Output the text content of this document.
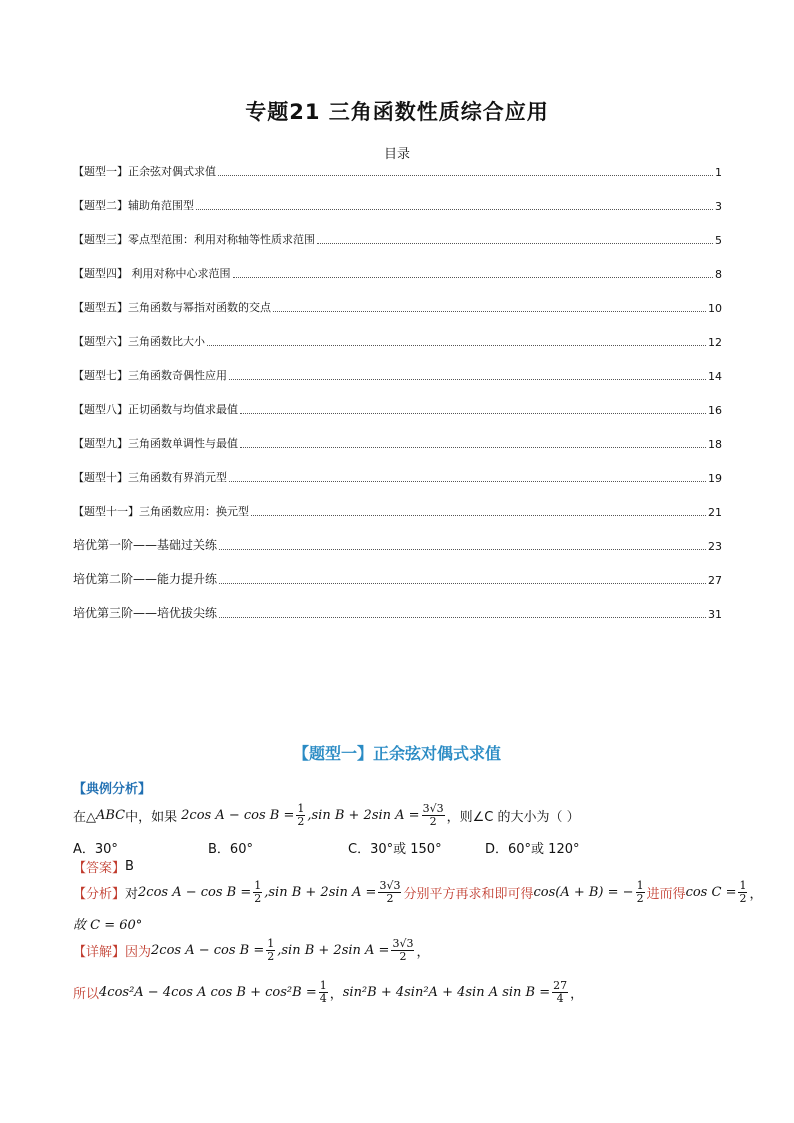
专题21 三角函数性质综合应用
目录
【题型一】正余弦对偶式求值	1
【题型二】辅助角范围型	3
【题型三】零点型范围：利用对称轴等性质求范围	5
【题型四】 利用对称中心求范围	8
【题型五】三角函数与幂指对函数的交点	10
【题型六】三角函数比大小	12
【题型七】三角函数奇偶性应用	14
【题型八】正切函数与均值求最值	16
【题型九】三角函数单调性与最值	18
【题型十】三角函数有界消元型	19
【题型十一】三角函数应用：换元型	21
培优第一阶——基础过关练	23
培优第二阶——能力提升练	27
培优第三阶——培优拔尖练	31
【题型一】正余弦对偶式求值
【典例分析】
在△ ABC 中，如果 2cos $A - \cos B = \frac{1}{2} ,\sin$ B + 2sin $A = \frac{3√3}{2}$ ，则∠C 的大小为（ ）
A．30°	B．60°	C．30°或 150°	D．60°或 120°
【答案】 B
【分析】 对 2cos $A - \cos B = \frac{1}{2} ,\sin$ B + 2sin $A = \frac{3√3}{2}$ 分别平方再求和即可得 cos(A + B) = − $\frac{1}{2}$ 进而得 $\cos C = \frac{1}{2}$ ，
故 C = 60°
【详解】 因为 2cos $A - \cos B = \frac{1}{2} ,\sin$ B + 2sin $A = \frac{3√3}{2}$ ，
所以 4cos²A − 4cos A $\cos B + \cos^2B = \frac{1}{4}$ ， sin²B + 4sin²A + 4sin A $\sin B = \frac{27}{4}$ ，
